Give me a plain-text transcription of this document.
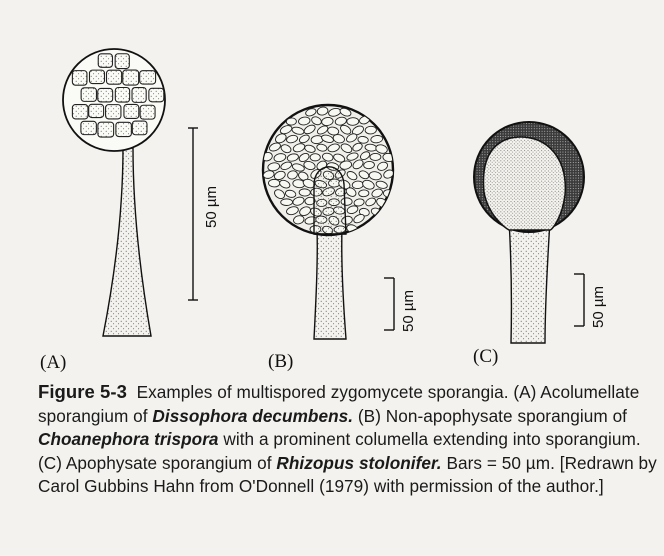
50 µm
50 µm	50 µm
(A)	(B)	(C)
Figure 5-3 Examples of multispored zygomycete sporangia. (A) Acolumellate sporangium of Dissophora decumbens. (B) Non-apophysate sporangium of Choanephora trispora with a prominent columella extending into sporangium. (C) Apophysate sporangium of Rhizopus stolonifer. Bars = 50 µm. [Redrawn by Carol Gubbins Hahn from O'Donnell (1979) with permission of the author.]
